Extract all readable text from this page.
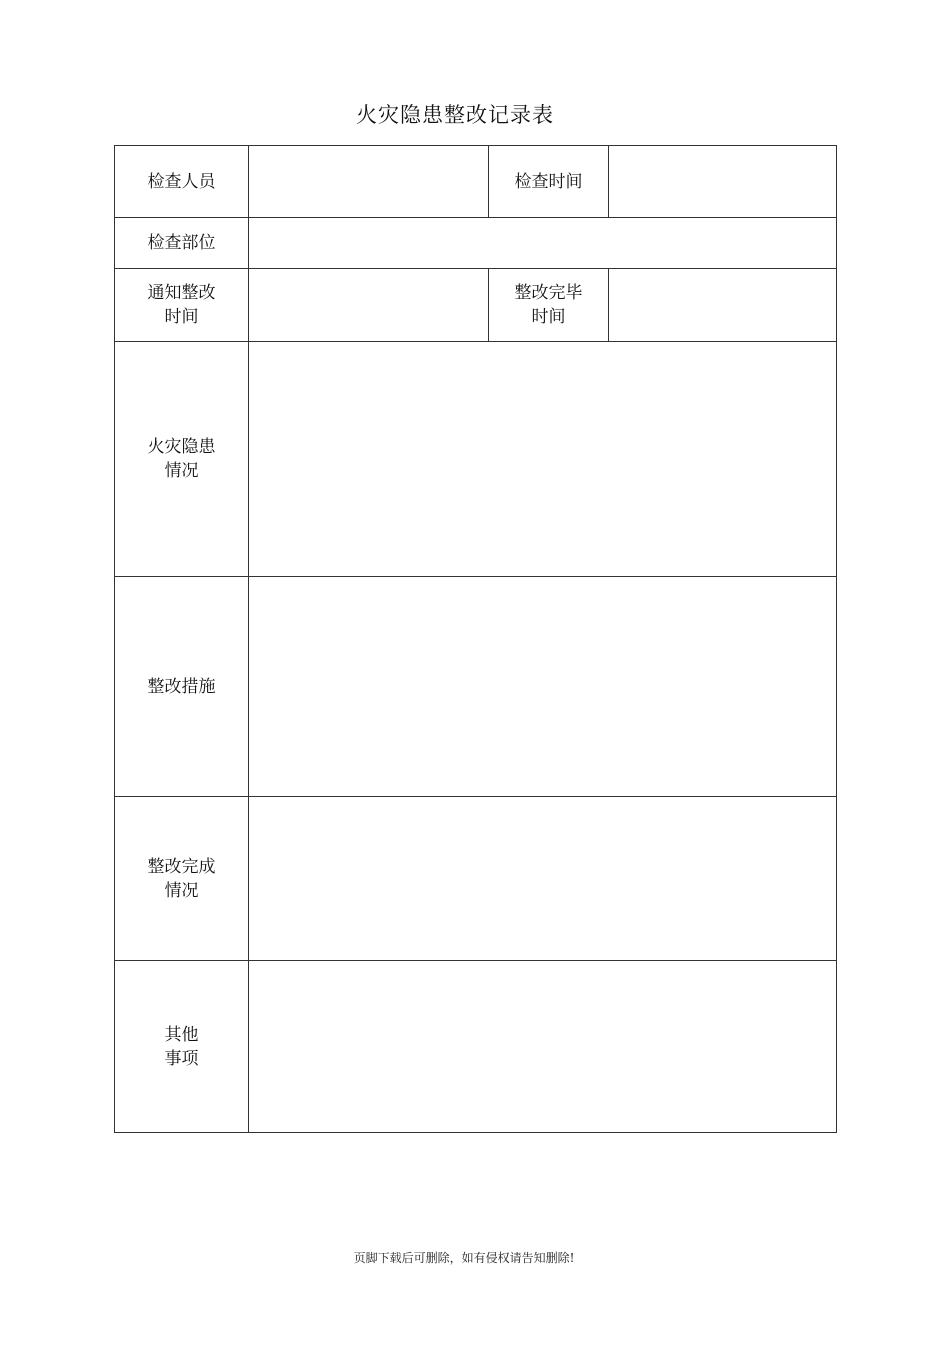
火灾隐患整改记录表
检查人员		检查时间	
检查部位			
通知整改时间		整改完毕时间	
火灾隐患情况			
整改措施			
整改完成情况			
其他事项			
页脚下载后可删除，如有侵权请告知删除!
